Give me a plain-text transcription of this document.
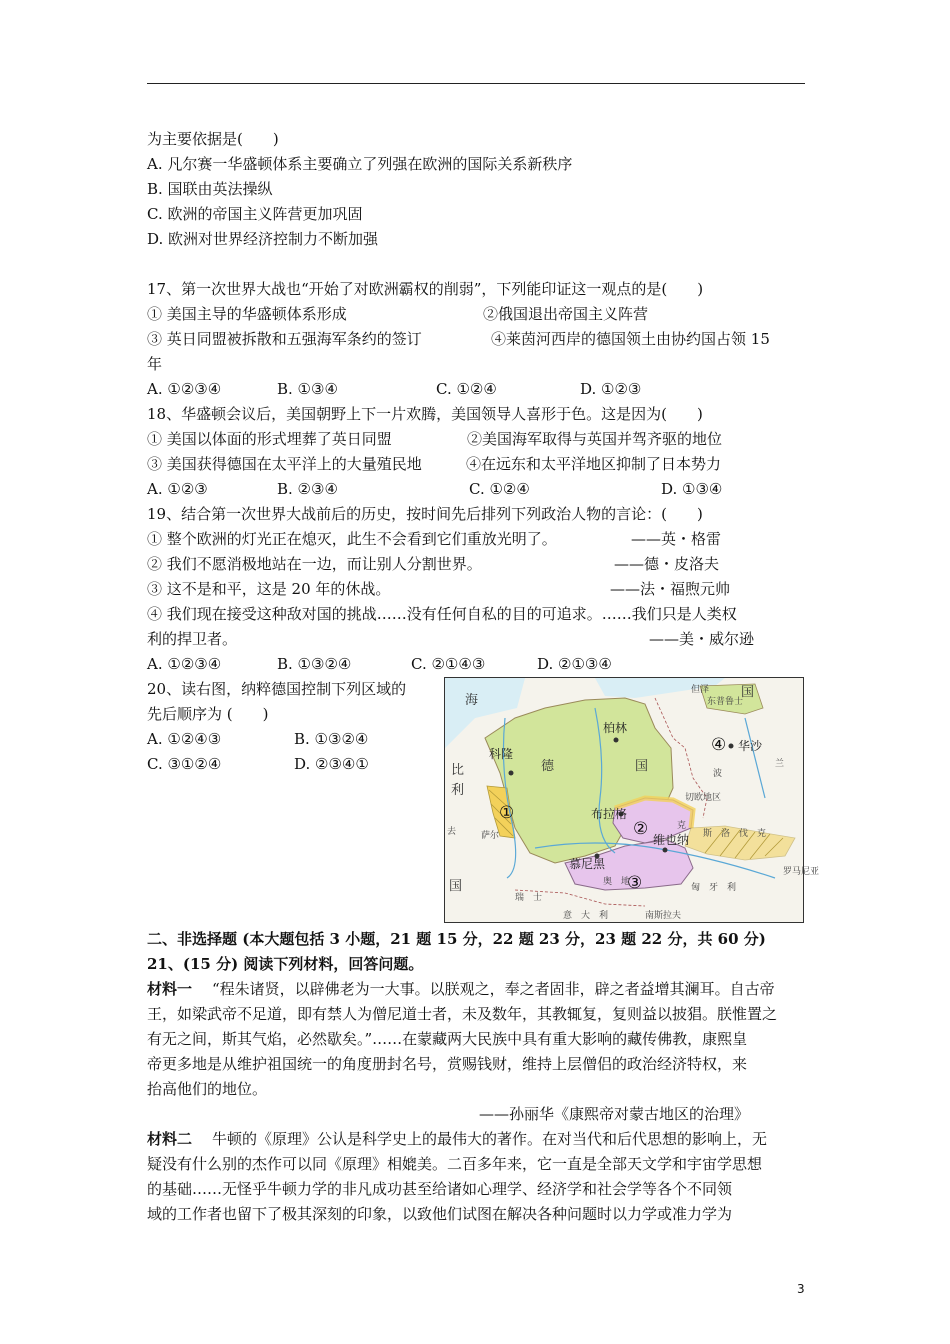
为主要依据是(　　)
A. 凡尔赛一华盛顿体系主要确立了列强在欧洲的国际关系新秩序
B. 国联由英法操纵
C. 欧洲的帝国主义阵营更加巩固
D. 欧洲对世界经济控制力不断加强
17、第一次世界大战也“开始了对欧洲霸权的削弱”，下列能印证这一观点的是(　　)
① 美国主导的华盛顿体系形成	②俄国退出帝国主义阵营
③ 英日同盟被拆散和五强海军条约的签订	④莱茵河西岸的德国领土由协约国占领 15
年
A. ①②③④	B. ①③④	C. ①②④	D. ①②③
18、华盛顿会议后，美国朝野上下一片欢腾，美国领导人喜形于色。这是因为(　　)
① 美国以体面的形式埋葬了英日同盟	②美国海军取得与英国并驾齐驱的地位
③ 美国获得德国在太平洋上的大量殖民地	④在远东和太平洋地区抑制了日本势力
A. ①②③	B. ②③④	C. ①②④	D. ①③④
19、结合第一次世界大战前后的历史，按时间先后排列下列政治人物的言论：(　　)
① 整个欧洲的灯光正在熄灭，此生不会看到它们重放光明了。	——英・格雷
② 我们不愿消极地站在一边，而让别人分割世界。	——德・皮洛夫
③ 这不是和平，这是 20 年的休战。	——法・福煦元帅
④ 我们现在接受这种敌对国的挑战……没有任何自私的目的可追求。……我们只是人类权
利的捍卫者。	——美・威尔逊
A. ①②③④	B. ①③②④	C. ②①④③	D. ②①③④
20、读右图，纳粹德国控制下列区域的
先后顺序为 (　　)
A. ①②④③	B. ①③②④
C. ③①②④	D. ②③④①
海
但泽
东普鲁士
国
柏林
德	国
华沙
波
兰
切欧地区
科隆
比
利
萨尔
去
国
布拉格
维也纳
慕尼黑
克
斯　洛　伐　克
瑞　士
奥　地
意　大　利	南斯拉夫
匈　牙　利
罗马尼亚
①
②
③
④
二、非选择题 (本大题包括 3 小题，21 题 15 分，22 题 23 分，23 题 22 分，共 60 分)
21、(15 分) 阅读下列材料，回答问题。
材料一 “程朱诸贤，以辟佛老为一大事。以朕观之，奉之者固非，辟之者益增其澜耳。自古帝
王，如梁武帝不足道，即有禁人为僧尼道士者，未及数年，其教辄复，复则益以披猖。朕惟置之
有无之间，斯其气焰，必然歇矣。”……在蒙藏两大民族中具有重大影响的藏传佛教，康熙皇
帝更多地是从维护祖国统一的角度册封名号，赏赐钱财，维持上层僧侣的政治经济特权，来
抬高他们的地位。
——孙丽华《康熙帝对蒙古地区的治理》
材料二 牛顿的《原理》公认是科学史上的最伟大的著作。在对当代和后代思想的影响上，无
疑没有什么别的杰作可以同《原理》相媲美。二百多年来，它一直是全部天文学和宇宙学思想
的基础……无怪乎牛顿力学的非凡成功甚至给诸如心理学、经济学和社会学等各个不同领
域的工作者也留下了极其深刻的印象，以致他们试图在解决各种问题时以力学或准力学为
3
